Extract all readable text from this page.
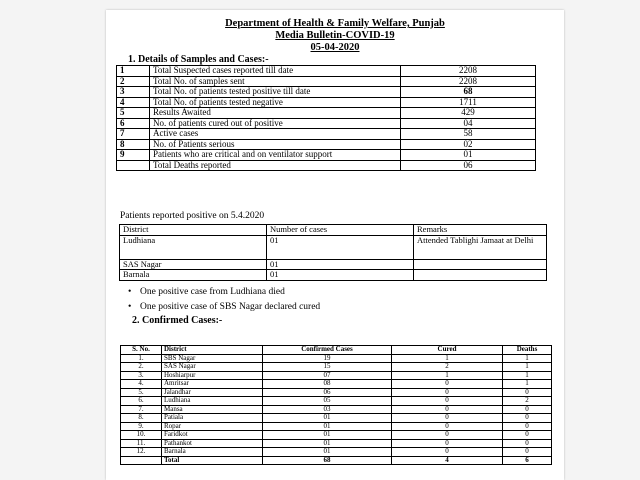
Department of Health & Family Welfare, Punjab
Media Bulletin-COVID-19
05-04-2020
1. Details of Samples and Cases:-
1	Total Suspected cases reported till date	2208
2	Total No. of samples sent	2208
3	Total No. of patients tested positive till date	68
4	Total No. of patients tested negative	1711
5	Results Awaited	429
6	No. of patients cured out of positive	04
7	Active cases	58
8	No. of Patients serious	02
9	Patients who are critical and on ventilator support	01
	Total Deaths reported	06
Patients reported positive on 5.4.2020
District	Number of cases	Remarks
Ludhiana	01	Attended Tablighi Jamaat at Delhi
SAS Nagar	01	
Barnala	01	
• One positive case from Ludhiana died
• One positive case of SBS Nagar declared cured
2. Confirmed Cases:-
S. No.	District	Confirmed Cases	Cured	Deaths
1.	SBS Nagar	19	1	1
2.	SAS Nagar	15	2	1
3.	Hoshiarpur	07	1	1
4.	Amritsar	08	0	1
5.	Jalandhar	06	0	0
6.	Ludhiana	05	0	2
7.	Mansa	03	0	0
8.	Patiala	01	0	0
9.	Ropar	01	0	0
10.	Faridkot	01	0	0
11.	Pathankot	01	0	0
12.	Barnala	01	0	0
	Total	68	4	6
